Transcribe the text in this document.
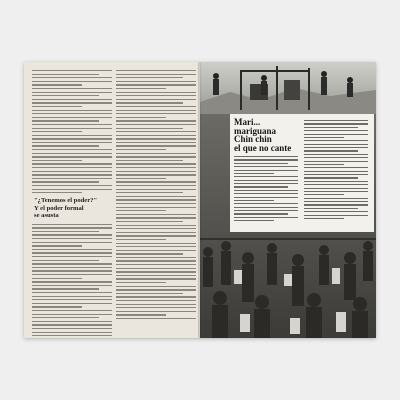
"¿Tenemos el poder?"
Y el poder formal
se asusta
Mari...
mariguana
Chin chin
el que no cante
